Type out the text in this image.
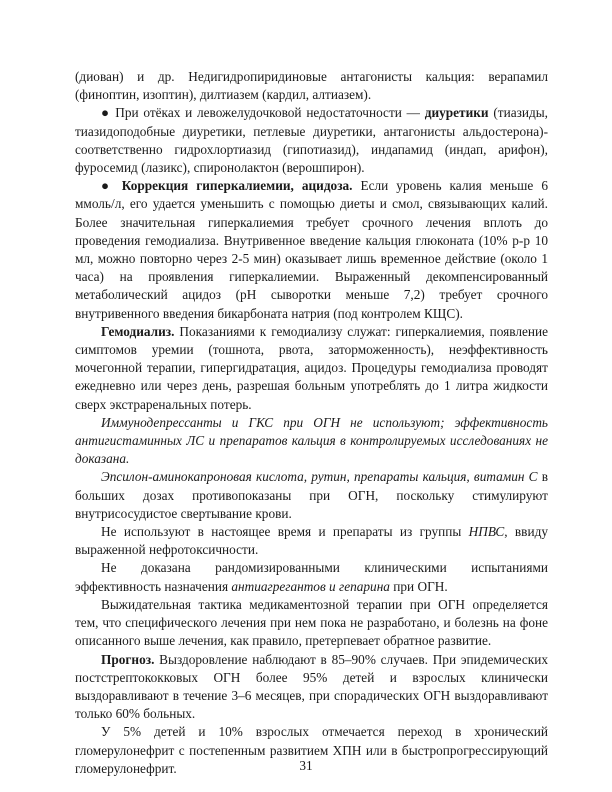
(диован) и др. Недигидропиридиновые антагонисты кальция: верапамил (финоптин, изоптин), дилтиазем (кардил, алтиазем).

● При отёках и левожелудочковой недостаточности — диуретики (тиазиды, тиазидоподобные диуретики, петлевые диуретики, антагонисты альдостерона)- соответственно гидрохлортиазид (гипотиазид), индапамид (индап, арифон), фуросемид (лазикс), спиронолактон (верошпирон).

● Коррекция гиперкалиемии, ацидоза. Если уровень калия меньше 6 ммоль/л, его удается уменьшить с помощью диеты и смол, связывающих калий. Более значительная гиперкалиемия требует срочного лечения вплоть до проведения гемодиализа. Внутривенное введение кальция глюконата (10% р-р 10 мл, можно повторно через 2-5 мин) оказывает лишь временное действие (около 1 часа) на проявления гиперкалиемии. Выраженный декомпенсированный метаболический ацидоз (pH сыворотки меньше 7,2) требует срочного внутривенного введения бикарбоната натрия (под контролем КЩС).

Гемодиализ. Показаниями к гемодиализу служат: гиперкалиемия, появление симптомов уремии (тошнота, рвота, заторможенность), неэффективность мочегонной терапии, гипергидратация, ацидоз. Процедуры гемодиализа проводят ежедневно или через день, разрешая больным употреблять до 1 литра жидкости сверх экстраренальных потерь.

Иммунодепрессанты и ГКС при ОГН не используют; эффективность антигистаминных ЛС и препаратов кальция в контролируемых исследованиях не доказана.

Эпсилон-аминокапроновая кислота, рутин, препараты кальция, витамин С в больших дозах противопоказаны при ОГН, поскольку стимулируют внутрисосудистое свертывание крови.

Не используют в настоящее время и препараты из группы НПВС, ввиду выраженной нефротоксичности.

Не доказана рандомизированными клиническими испытаниями эффективность назначения антиагрегантов и гепарина при ОГН.

Выжидательная тактика медикаментозной терапии при ОГН определяется тем, что специфического лечения при нем пока не разработано, и болезнь на фоне описанного выше лечения, как правило, претерпевает обратное развитие.

Прогноз. Выздоровление наблюдают в 85–90% случаев. При эпидемических постстрептококковых ОГН более 95% детей и взрослых клинически выздоравливают в течение 3–6 месяцев, при спорадических ОГН выздоравливают только 60% больных.

У 5% детей и 10% взрослых отмечается переход в хронический гломерулонефрит с постепенным развитием ХПН или в быстропрогрессирующий гломерулонефрит.	31
